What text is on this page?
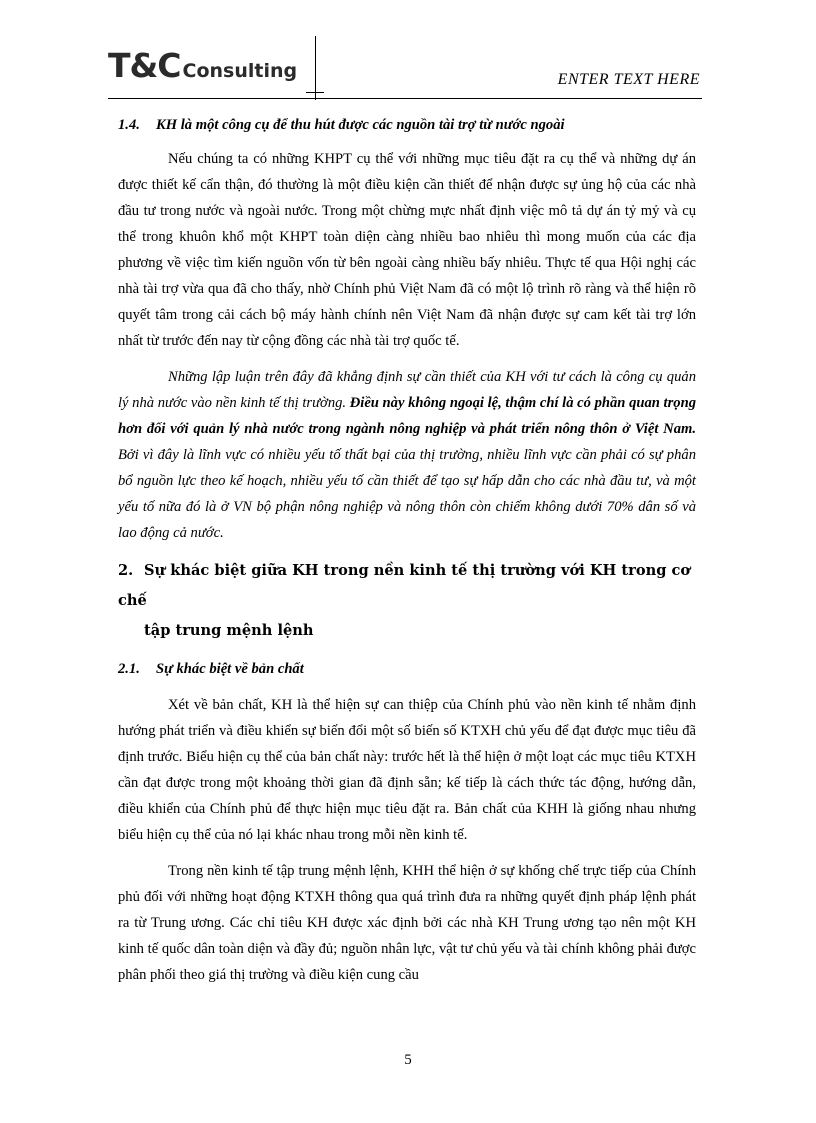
T&C Consulting	ENTER TEXT HERE

1.4. KH là một công cụ để thu hút được các nguồn tài trợ từ nước ngoài

Nếu chúng ta có những KHPT cụ thể với những mục tiêu đặt ra cụ thể và những dự án được thiết kế cẩn thận, đó thường là một điều kiện cần thiết để nhận được sự ủng hộ của các nhà đầu tư trong nước và ngoài nước. Trong một chừng mực nhất định việc mô tả dự án tỷ mỷ và cụ thể trong khuôn khổ một KHPT toàn diện càng nhiều bao nhiêu thì mong muốn của các địa phương về việc tìm kiến nguồn vốn từ bên ngoài càng nhiều bấy nhiêu. Thực tế qua Hội nghị các nhà tài trợ vừa qua đã cho thấy, nhờ Chính phủ Việt Nam đã có một lộ trình rõ ràng và thể hiện rõ quyết tâm trong cải cách bộ máy hành chính nên Việt Nam đã nhận được sự cam kết tài trợ lớn nhất từ trước đến nay từ cộng đồng các nhà tài trợ quốc tế.

Những lập luận trên đây đã khẳng định sự cần thiết của KH với tư cách là công cụ quản lý nhà nước vào nền kinh tế thị trường. Điều này không ngoại lệ, thậm chí là có phần quan trọng hơn đối với quản lý nhà nước trong ngành nông nghiệp và phát triển nông thôn ở Việt Nam. Bởi vì đây là lĩnh vực có nhiều yếu tố thất bại của thị trường, nhiều lĩnh vực cần phải có sự phân bổ nguồn lực theo kế hoạch, nhiều yếu tố cần thiết để tạo sự hấp dẫn cho các nhà đầu tư, và một yếu tố nữa đó là ở VN bộ phận nông nghiệp và nông thôn còn chiếm không dưới 70% dân số và lao động cả nước.

2. Sự khác biệt giữa KH trong nền kinh tế thị trường với KH trong cơ chế
tập trung mệnh lệnh

2.1. Sự khác biệt về bản chất

Xét về bản chất, KH là thể hiện sự can thiệp của Chính phủ vào nền kinh tế nhằm định hướng phát triển và điều khiển sự biến đổi một số biến số KTXH chủ yếu để đạt được mục tiêu đã định trước. Biểu hiện cụ thể của bản chất này: trước hết là thể hiện ở một loạt các mục tiêu KTXH cần đạt được trong một khoảng thời gian đã định sẵn; kế tiếp là cách thức tác động, hướng dẫn, điều khiển của Chính phủ để thực hiện mục tiêu đặt ra. Bản chất của KHH là giống nhau nhưng biểu hiện cụ thể của nó lại khác nhau trong mỗi nền kinh tế.

Trong nền kinh tế tập trung mệnh lệnh, KHH thể hiện ở sự khống chế trực tiếp của Chính phủ đối với những hoạt động KTXH thông qua quá trình đưa ra những quyết định pháp lệnh phát ra từ Trung ương. Các chỉ tiêu KH được xác định bởi các nhà KH Trung ương tạo nên một KH kinh tế quốc dân toàn diện và đầy đủ; nguồn nhân lực, vật tư chủ yếu và tài chính không phải được phân phối theo giá thị trường và điều kiện cung cầu

5
